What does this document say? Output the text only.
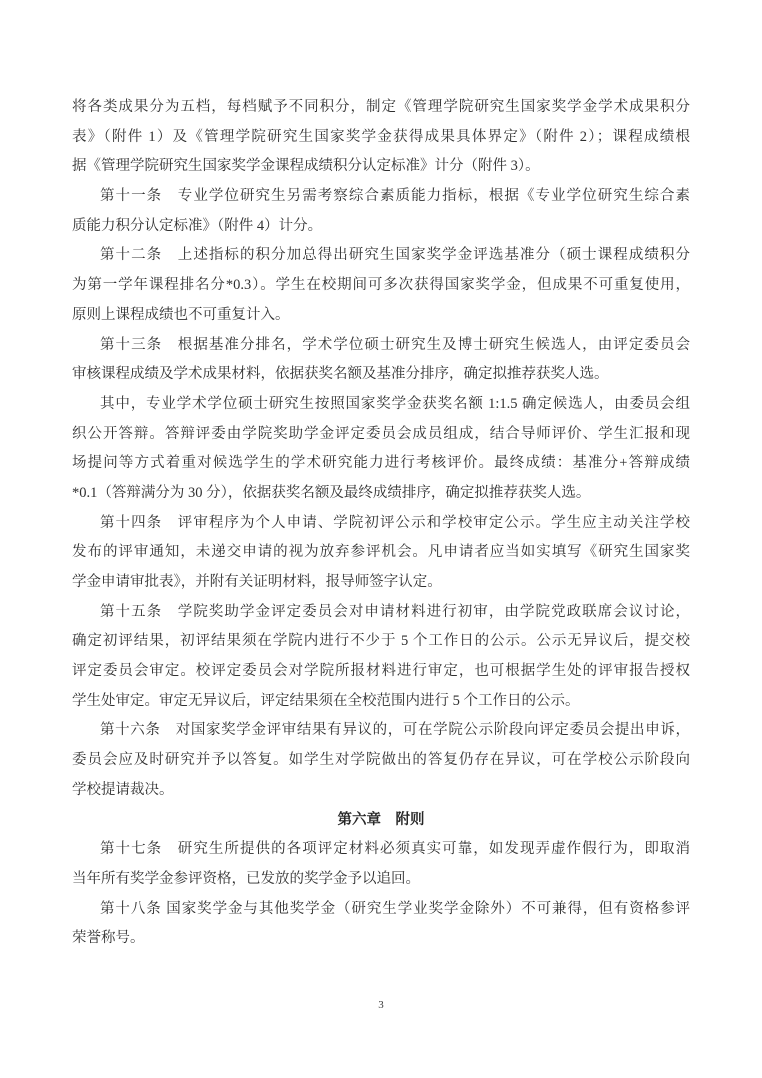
将各类成果分为五档，每档赋予不同积分，制定《管理学院研究生国家奖学金学术成果积分
表》（附件 1）及《管理学院研究生国家奖学金获得成果具体界定》（附件 2）；课程成绩根
据《管理学院研究生国家奖学金课程成绩积分认定标准》计分（附件 3）。
第十一条　专业学位研究生另需考察综合素质能力指标，根据《专业学位研究生综合素
质能力积分认定标准》（附件 4）计分。
第十二条　上述指标的积分加总得出研究生国家奖学金评选基准分（硕士课程成绩积分
为第一学年课程排名分*0.3）。学生在校期间可多次获得国家奖学金，但成果不可重复使用，
原则上课程成绩也不可重复计入。
第十三条　根据基准分排名，学术学位硕士研究生及博士研究生候选人，由评定委员会
审核课程成绩及学术成果材料，依据获奖名额及基准分排序，确定拟推荐获奖人选。
其中，专业学术学位硕士研究生按照国家奖学金获奖名额 1:1.5 确定候选人，由委员会组
织公开答辩。答辩评委由学院奖助学金评定委员会成员组成，结合导师评价、学生汇报和现
场提问等方式着重对候选学生的学术研究能力进行考核评价。最终成绩：基准分+答辩成绩
*0.1（答辩满分为 30 分），依据获奖名额及最终成绩排序，确定拟推荐获奖人选。
第十四条　评审程序为个人申请、学院初评公示和学校审定公示。学生应主动关注学校
发布的评审通知，未递交申请的视为放弃参评机会。凡申请者应当如实填写《研究生国家奖
学金申请审批表》，并附有关证明材料，报导师签字认定。
第十五条　学院奖助学金评定委员会对申请材料进行初审，由学院党政联席会议讨论，
确定初评结果，初评结果须在学院内进行不少于 5 个工作日的公示。公示无异议后，提交校
评定委员会审定。校评定委员会对学院所报材料进行审定，也可根据学生处的评审报告授权
学生处审定。审定无异议后，评定结果须在全校范围内进行 5 个工作日的公示。
第十六条　对国家奖学金评审结果有异议的，可在学院公示阶段向评定委员会提出申诉，
委员会应及时研究并予以答复。如学生对学院做出的答复仍存在异议，可在学校公示阶段向
学校提请裁决。
第六章　附则
第十七条　研究生所提供的各项评定材料必须真实可靠，如发现弄虚作假行为，即取消
当年所有奖学金参评资格，已发放的奖学金予以追回。
第十八条 国家奖学金与其他奖学金（研究生学业奖学金除外）不可兼得，但有资格参评
荣誉称号。
3
